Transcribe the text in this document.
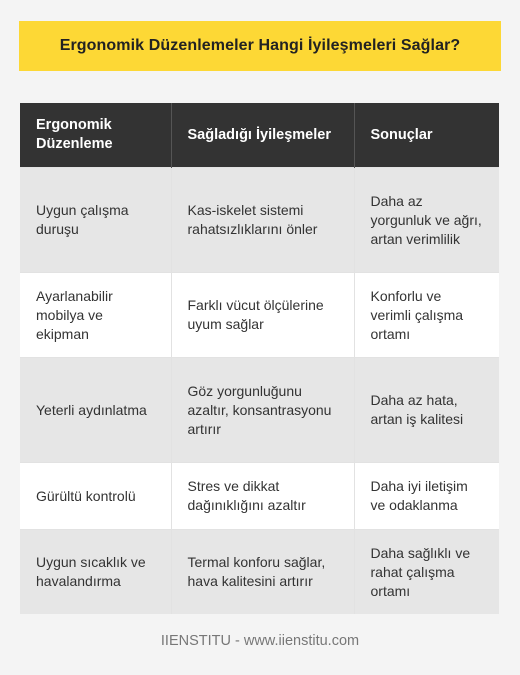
Ergonomik Düzenlemeler Hangi İyileşmeleri Sağlar?
Ergonomik Düzenleme	Sağladığı İyileşmeler	Sonuçlar
Uygun çalışma duruşu	Kas-iskelet sistemi rahatsızlıklarını önler	Daha az yorgunluk ve ağrı, artan verimlilik
Ayarlanabilir mobilya ve ekipman	Farklı vücut ölçülerine uyum sağlar	Konforlu ve verimli çalışma ortamı
Yeterli aydınlatma	Göz yorgunluğunu azaltır, konsantrasyonu artırır	Daha az hata, artan iş kalitesi
Gürültü kontrolü	Stres ve dikkat dağınıklığını azaltır	Daha iyi iletişim ve odaklanma
Uygun sıcaklık ve havalandırma	Termal konforu sağlar, hava kalitesini artırır	Daha sağlıklı ve rahat çalışma ortamı
IIENSTITU - www.iienstitu.com
